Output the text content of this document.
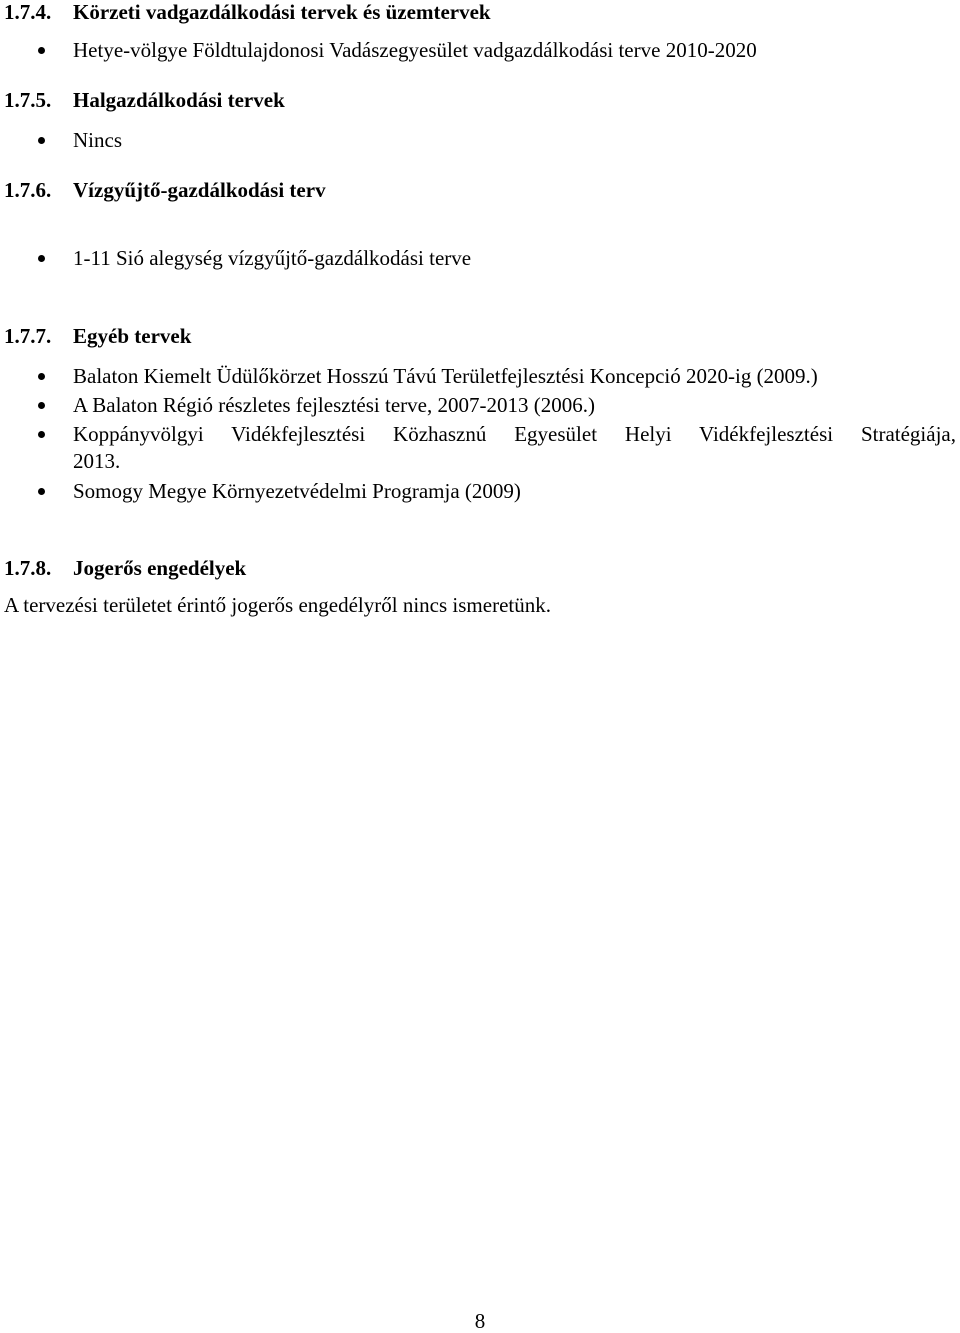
1.7.4. Körzeti vadgazdálkodási tervek és üzemtervek
Hetye-völgye Földtulajdonosi Vadászegyesület vadgazdálkodási terve 2010-2020
1.7.5. Halgazdálkodási tervek
Nincs
1.7.6. Vízgyűjtő-gazdálkodási terv
1-11 Sió alegység vízgyűjtő-gazdálkodási terve
1.7.7. Egyéb tervek
Balaton Kiemelt Üdülőkörzet Hosszú Távú Területfejlesztési Koncepció 2020-ig (2009.)
A Balaton Régió részletes fejlesztési terve, 2007-2013 (2006.)
Koppányvölgyi Vidékfejlesztési Közhasznú Egyesület Helyi Vidékfejlesztési Stratégiája,
2013.
Somogy Megye Környezetvédelmi Programja (2009)
1.7.8. Jogerős engedélyek
A tervezési területet érintő jogerős engedélyről nincs ismeretünk.
8
